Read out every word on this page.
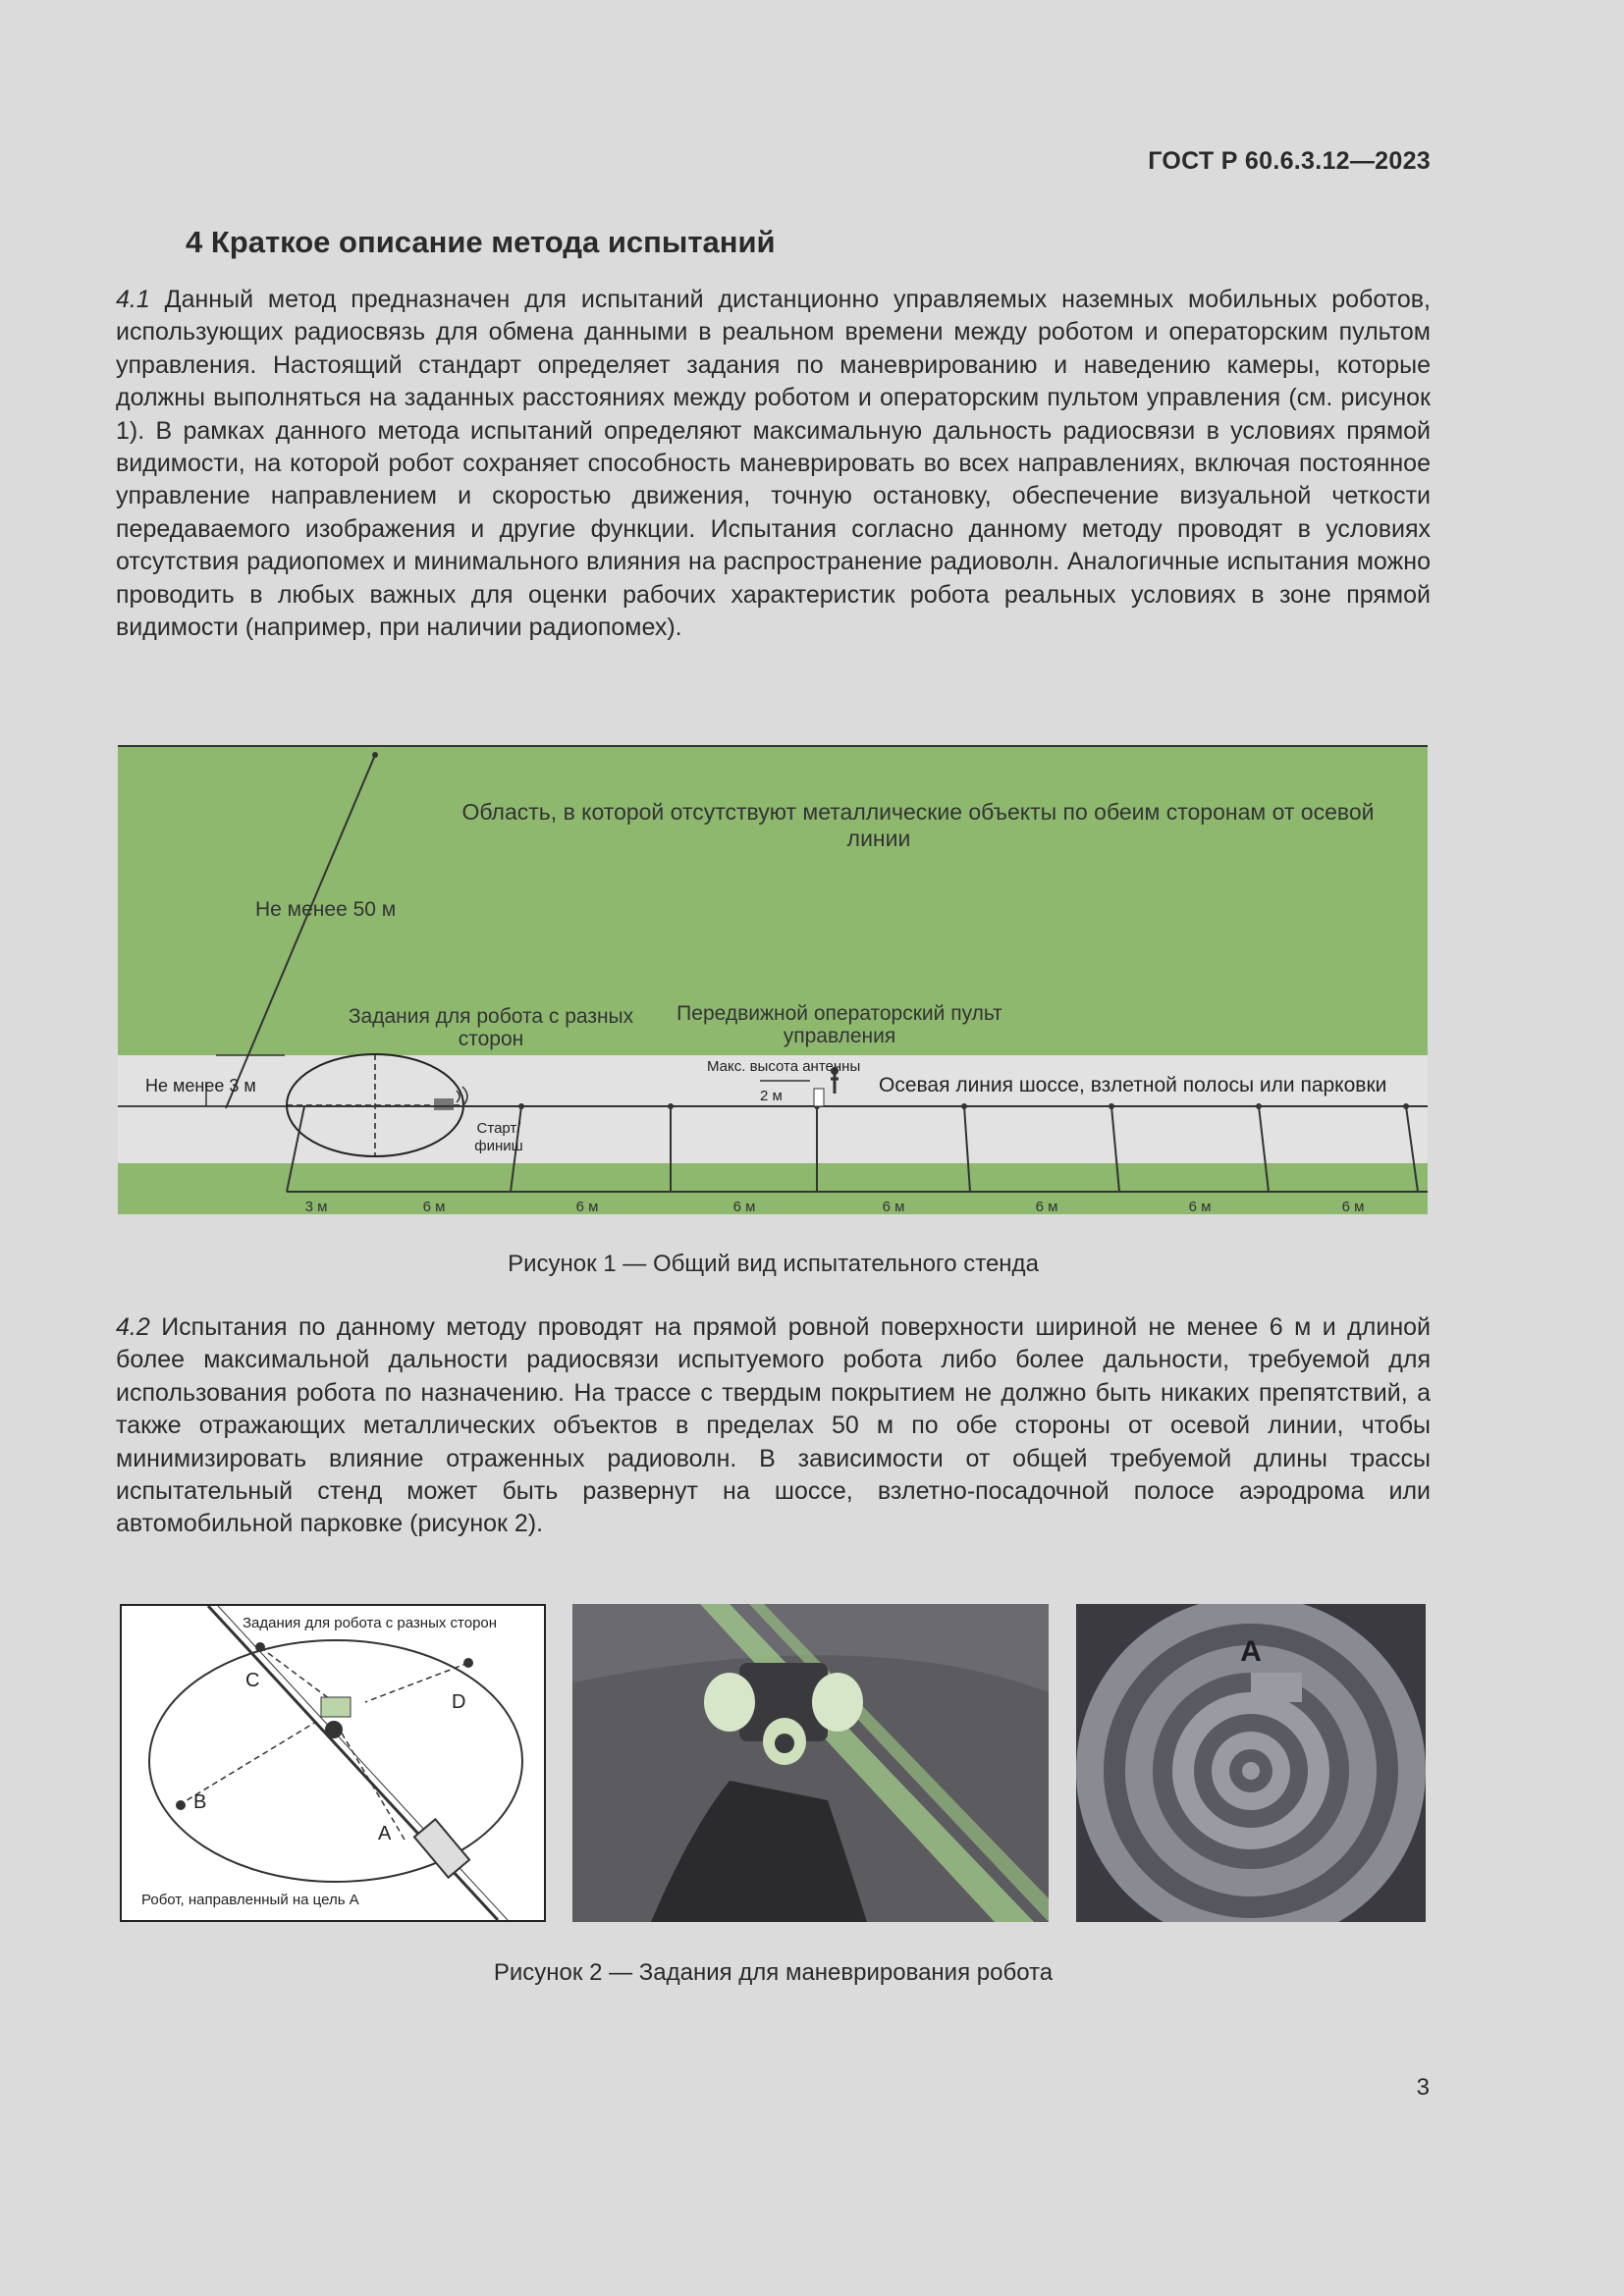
ГОСТ Р 60.6.3.12—2023
4 Краткое описание метода испытаний

4.1 Данный метод предназначен для испытаний дистанционно управляемых наземных мобильных роботов, использующих радиосвязь для обмена данными в реальном времени между роботом и операторским пультом управления. Настоящий стандарт определяет задания по маневрированию и наведению камеры, которые должны выполняться на заданных расстояниях между роботом и операторским пультом управления (см. рисунок 1). В рамках данного метода испытаний определяют максимальную дальность радиосвязи в условиях прямой видимости, на которой робот сохраняет способность маневрировать во всех направлениях, включая постоянное управление направлением и скоростью движения, точную остановку, обеспечение визуальной четкости передаваемого изображения и другие функции. Испытания согласно данному методу проводят в условиях отсутствия радиопомех и минимального влияния на распространение радиоволн. Аналогичные испытания можно проводить в любых важных для оценки рабочих характеристик робота реальных условиях в зоне прямой видимости (например, при наличии радиопомех).

Область, в которой отсутствуют металлические объекты по обеим сторонам от осевой
линии
Не менее 50 м
Не менее 3 м
Задания для робота с разных
сторон
Передвижной операторский пульт
управления
Макс. высота антенны
2 м	Осевая линия шоссе, взлетной полосы или парковки
Старт/
финиш
3 м	6 м	6 м	6 м	6 м	6 м	6 м	6 м
Рисунок 1 — Общий вид испытательного стенда

4.2 Испытания по данному методу проводят на прямой ровной поверхности шириной не менее 6 м и длиной более максимальной дальности радиосвязи испытуемого робота либо более дальности, требуемой для использования робота по назначению. На трассе с твердым покрытием не должно быть никаких препятствий, а также отражающих металлических объектов в пределах 50 м по обе стороны от осевой линии, чтобы минимизировать влияние отраженных радиоволн. В зависимости от общей требуемой длины трассы испытательный стенд может быть развернут на шоссе, взлетно-посадочной полосе аэродрома или автомобильной парковке (рисунок 2).

C
D
B
A
Задания для робота с разных сторон
Робот, направленный на цель А
A
Рисунок 2 — Задания для маневрирования робота
3
